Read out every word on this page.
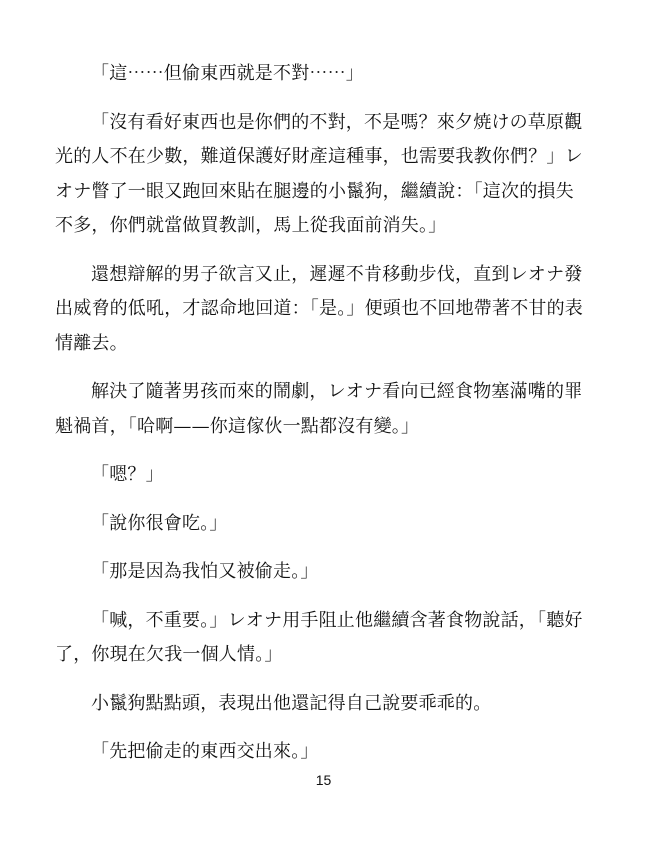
「這⋯⋯但偷東西就是不對⋯⋯」

「沒有看好東西也是你們的不對，不是嗎？來夕焼けの草原觀光的人不在少數，難道保護好財產這種事，也需要我教你們？」レオナ瞥了一眼又跑回來貼在腿邊的小鬣狗，繼續說：「這次的損失不多，你們就當做買教訓，馬上從我面前消失。」

還想辯解的男子欲言又止，遲遲不肯移動步伐，直到レオナ發出威脅的低吼，才認命地回道：「是。」便頭也不回地帶著不甘的表情離去。

解決了隨著男孩而來的鬧劇，レオナ看向已經食物塞滿嘴的罪魁禍首，「哈啊——你這傢伙一點都沒有變。」

「嗯？」

「說你很會吃。」

「那是因為我怕又被偷走。」

「喊，不重要。」レオナ用手阻止他繼續含著食物說話，「聽好了，你現在欠我一個人情。」

小鬣狗點點頭，表現出他還記得自己說要乖乖的。

「先把偷走的東西交出來。」

15
